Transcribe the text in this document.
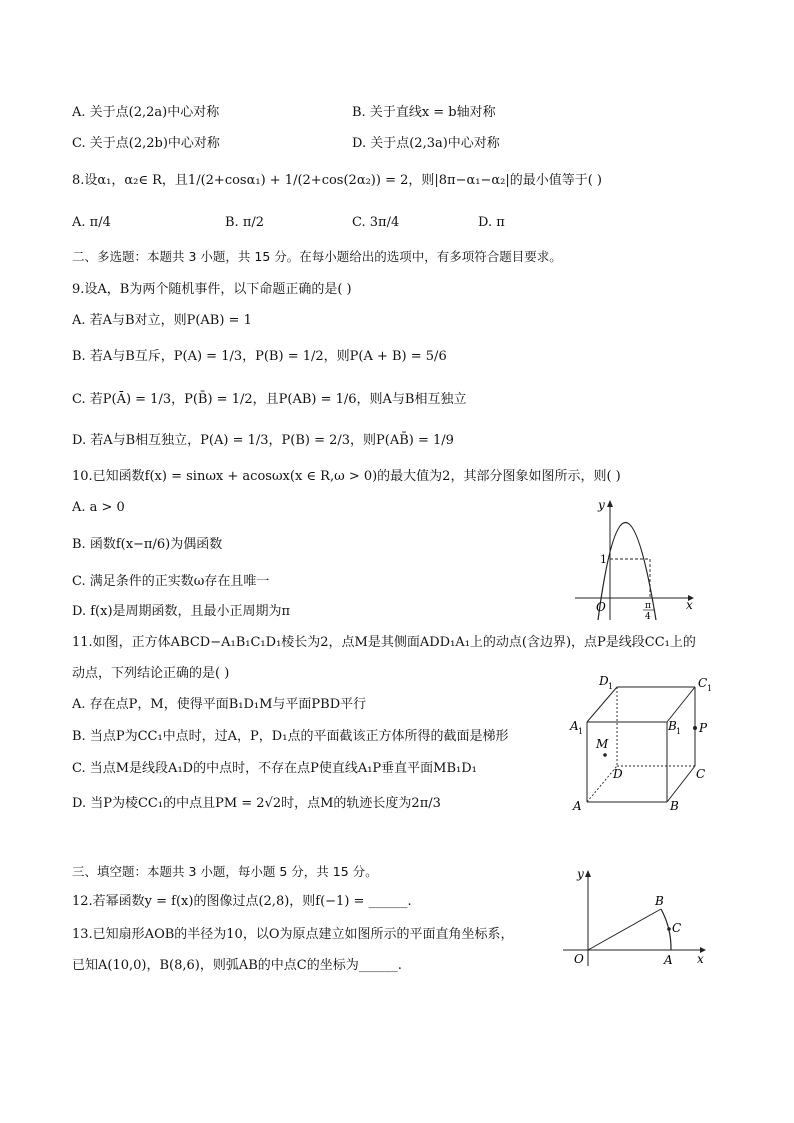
A. 关于点(2,2a)中心对称	B. 关于直线x = b轴对称
C. 关于点(2,2b)中心对称	D. 关于点(2,3a)中心对称
8.设α₁，α₂∈ R，且1/(2+cosα₁) + 1/(2+cos(2α₂)) = 2，则|8π−α₁−α₂|的最小值等于( )
A. π/4	B. π/2	C. 3π/4	D. π
二、多选题：本题共 3 小题，共 15 分。在每小题给出的选项中，有多项符合题目要求。
9.设A，B为两个随机事件，以下命题正确的是( )
A. 若A与B对立，则P(AB) = 1
B. 若A与B互斥，P(A) = 1/3，P(B) = 1/2，则P(A + B) = 5/6
C. 若P(Ā) = 1/3，P(B̄) = 1/2，且P(AB) = 1/6，则A与B相互独立
D. 若A与B相互独立，P(A) = 1/3，P(B) = 2/3，则P(AB̄) = 1/9
10.已知函数f(x) = sinωx + acosωx(x ∈ R,ω > 0)的最大值为2，其部分图象如图所示，则( )
A. a > 0
B. 函数f(x−π/6)为偶函数
C. 满足条件的正实数ω存在且唯一
D. f(x)是周期函数，且最小正周期为π
y
x
O
1
π
4
11.如图，正方体ABCD−A₁B₁C₁D₁棱长为2，点M是其侧面ADD₁A₁上的动点(含边界)，点P是线段CC₁上的
动点，下列结论正确的是( )
A. 存在点P，M，使得平面B₁D₁M与平面PBD平行
B. 当点P为CC₁中点时，过A，P，D₁点的平面截该正方体所得的截面是梯形
C. 当点M是线段A₁D的中点时，不存在点P使直线A₁P垂直平面MB₁D₁
D. 当P为棱CC₁的中点且PM = 2√2时，点M的轨迹长度为2π/3	A	B
C
D
A 1	B 1
C 1
D 1
M
P
三、填空题：本题共 3 小题，每小题 5 分，共 15 分。
12.若幂函数y = f(x)的图像过点(2,8)，则f(−1) = ______.
13.已知扇形AOB的半径为10，以O为原点建立如图所示的平面直角坐标系，
已知A(10,0)，B(8,6)，则弧AB的中点C的坐标为______.
y
x
O	A
B
C
